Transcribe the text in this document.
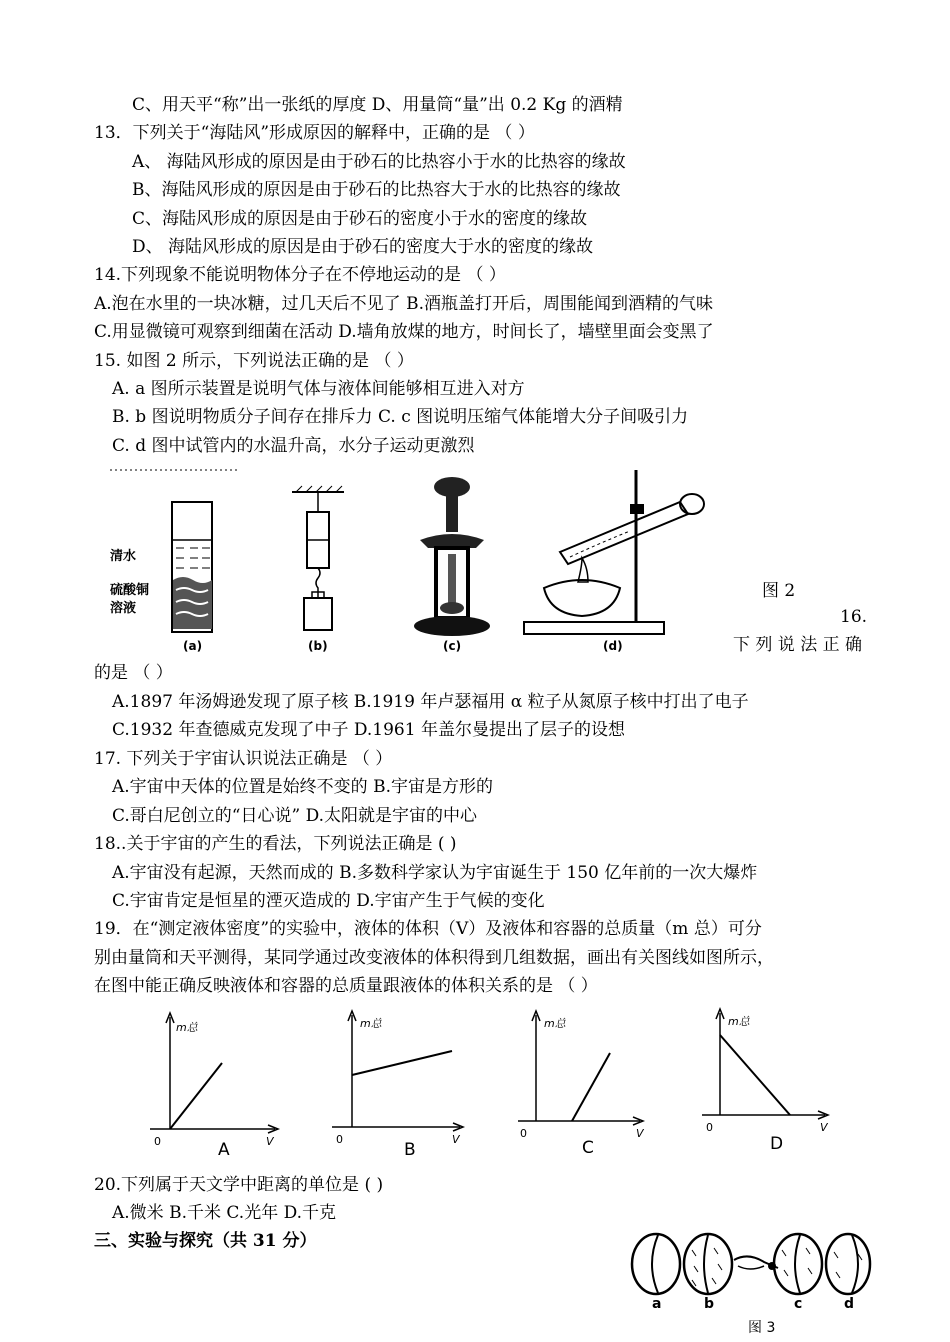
C、用天平“称”出一张纸的厚度 D、用量筒“量”出 0.2 Kg 的酒精
13．下列关于“海陆风”形成原因的解释中，正确的是 （ ）
A、 海陆风形成的原因是由于砂石的比热容小于水的比热容的缘故
B、海陆风形成的原因是由于砂石的比热容大于水的比热容的缘故
C、海陆风形成的原因是由于砂石的密度小于水的密度的缘故
D、 海陆风形成的原因是由于砂石的密度大于水的密度的缘故
14.下列现象不能说明物体分子在不停地运动的是 （ ）
A.泡在水里的一块冰糖，过几天后不见了 B.酒瓶盖打开后，周围能闻到酒精的气味
C.用显微镜可观察到细菌在活动 D.墙角放煤的地方，时间长了，墙壁里面会变黑了
15. 如图 2 所示，下列说法正确的是 （ ）
A. a 图所示装置是说明气体与液体间能够相互进入对方
B. b 图说明物质分子间存在排斥力 C. c 图说明压缩气体能增大分子间吸引力
C. d 图中试管内的水温升高，水分子运动更激烈
清水
硫酸铜
溶液
(a)	(b)	(c)	(d)
图 2
16.
下 列 说 法 正 确
的是 （ ）
A.1897 年汤姆逊发现了原子核 B.1919 年卢瑟福用 α 粒子从氮原子核中打出了电子
C.1932 年查德威克发现了中子 D.1961 年盖尔曼提出了层子的设想
17. 下列关于宇宙认识说法正确是 （ ）
A.宇宙中天体的位置是始终不变的 B.宇宙是方形的
C.哥白尼创立的“日心说” D.太阳就是宇宙的中心
18..关于宇宙的产生的看法，下列说法正确是 ( )
A.宇宙没有起源，天然而成的 B.多数科学家认为宇宙诞生于 150 亿年前的一次大爆炸
C.宇宙肯定是恒星的湮灭造成的 D.宇宙产生于气候的变化
19．在“测定液体密度”的实验中，液体的体积（V）及液体和容器的总质量（m 总）可分
别由量筒和天平测得，某同学通过改变液体的体积得到几组数据，画出有关图线如图所示，
在图中能正确反映液体和容器的总质量跟液体的体积关系的是 （ ）
m总
V
0	A
m总
V
0
B
m总
V
0
C
m总
V
0
D
20.下列属于天文学中距离的单位是 ( )
A.微米 B.千米 C.光年 D.千克
三、实验与探究（共 31 分）
a	b	c	d
图 3
